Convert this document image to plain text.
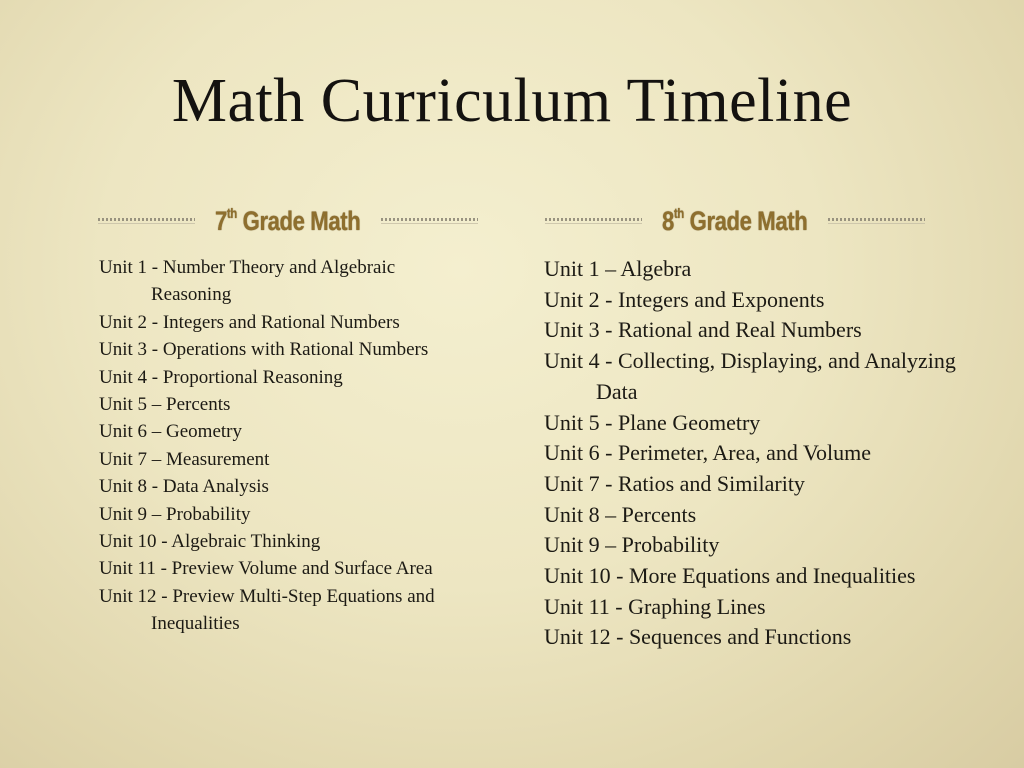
Math Curriculum Timeline
7th Grade Math	8th Grade Math
Unit 1 - Number Theory and Algebraic Reasoning
Unit 2 - Integers and Rational Numbers
Unit 3 - Operations with Rational Numbers
Unit 4 - Proportional Reasoning
Unit 5 – Percents
Unit 6 – Geometry
Unit 7 – Measurement
Unit 8 - Data Analysis
Unit 9 – Probability
Unit 10 - Algebraic Thinking
Unit 11 - Preview Volume and Surface Area
Unit 12 - Preview Multi-Step Equations and Inequalities
Unit 1 – Algebra
Unit 2 - Integers and Exponents
Unit 3 - Rational and Real Numbers
Unit 4 - Collecting, Displaying, and Analyzing Data
Unit 5 - Plane Geometry
Unit 6 - Perimeter, Area, and Volume
Unit 7 - Ratios and Similarity
Unit 8 – Percents
Unit 9 – Probability
Unit 10 - More Equations and Inequalities
Unit 11 - Graphing Lines
Unit 12 - Sequences and Functions
